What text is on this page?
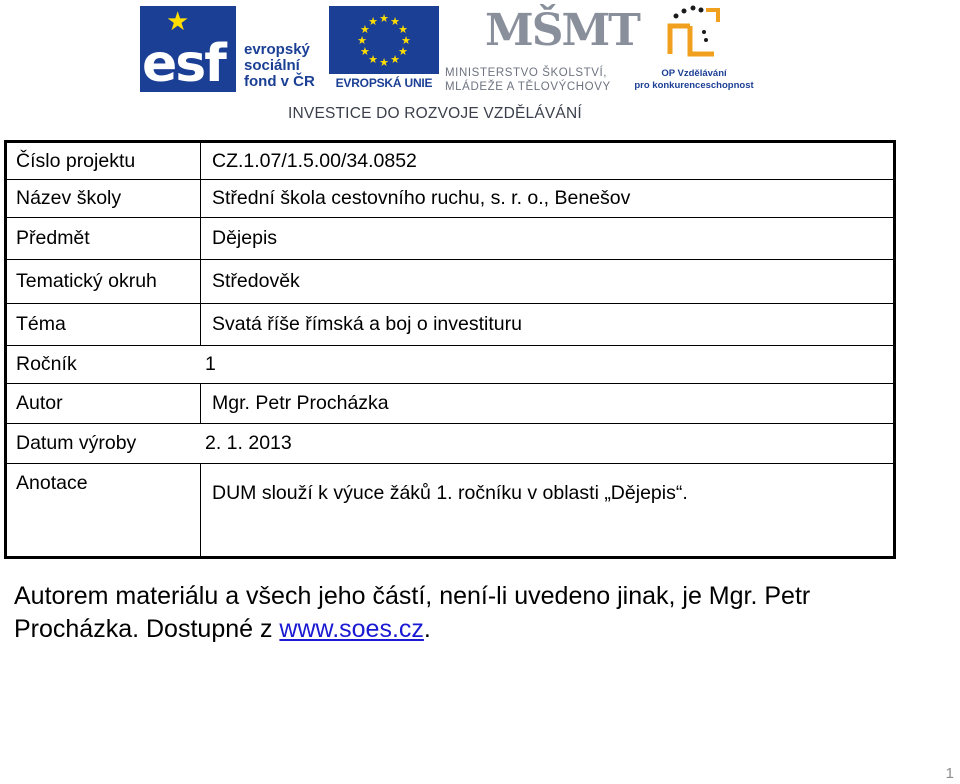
★
esf evropský
sociální
fond v ČR
★ ★
★
★
★
★
★
★
★
★
★
★
EVROPSKÁ UNIE
MŠMT
MINISTERSTVO ŠKOLSTVÍ,
MLÁDEŽE A TĚLOVÝCHOVY
OP Vzdělávání
pro konkurenceschopnost
INVESTICE DO ROZVOJE VZDĚLÁVÁNÍ
Číslo projektu	CZ.1.07/1.5.00/34.0852
Název školy	Střední škola cestovního ruchu, s. r. o., Benešov
Předmět	Dějepis
Tematický okruh	Středověk
Téma	Svatá říše římská a boj o investituru
Ročník 1	
Autor	Mgr. Petr Procházka
Datum výroby 2. 1. 2013	
Anotace	DUM slouží k výuce žáků 1. ročníku v oblasti „Dějepis“.
Autorem materiálu a všech jeho částí, není-li uvedeno jinak, je Mgr. Petr Procházka. Dostupné z www.soes.cz.
1
